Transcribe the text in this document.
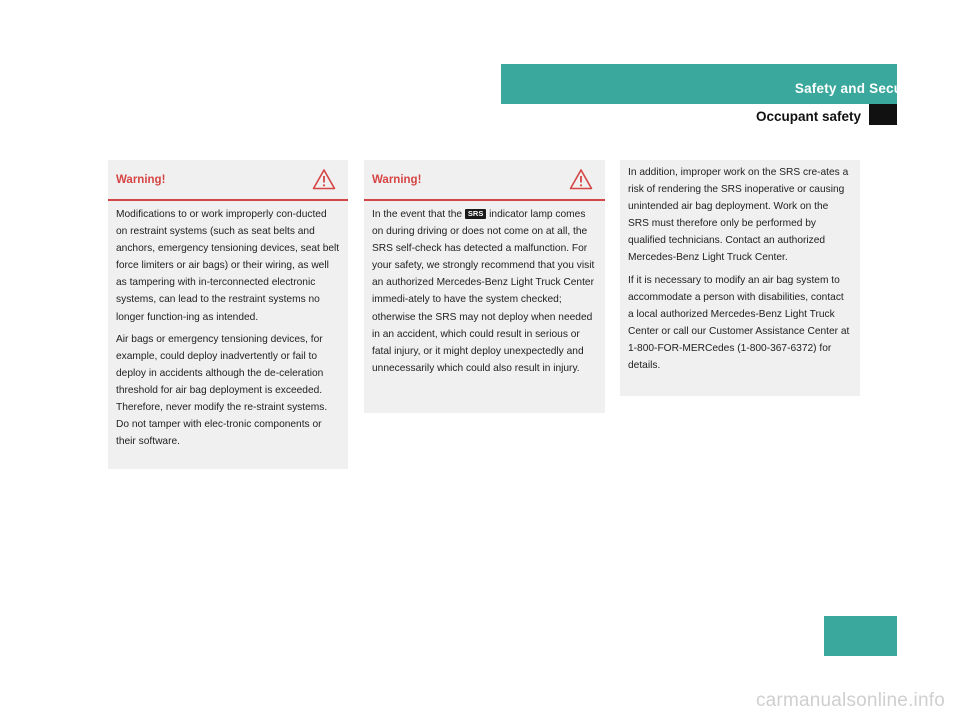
Safety and Security
Occupant safety
Warning!

Modifications to or work improperly con-ducted on restraint systems (such as seat belts and anchors, emergency tensioning devices, seat belt force limiters or air bags) or their wiring, as well as tampering with in-terconnected electronic systems, can lead to the restraint systems no longer function-ing as intended.

Air bags or emergency tensioning devices, for example, could deploy inadvertently or fail to deploy in accidents although the de-celeration threshold for air bag deployment is exceeded. Therefore, never modify the re-straint systems. Do not tamper with elec-tronic components or their software.

Warning!

In the event that the SRS indicator lamp comes on during driving or does not come on at all, the SRS self-check has detected a malfunction. For your safety, we strongly recommend that you visit an authorized Mercedes-Benz Light Truck Center immedi-ately to have the system checked; otherwise the SRS may not deploy when needed in an accident, which could result in serious or fatal injury, or it might deploy unexpectedly and unnecessarily which could also result in injury.

In addition, improper work on the SRS cre-ates a risk of rendering the SRS inoperative or causing unintended air bag deployment. Work on the SRS must therefore only be performed by qualified technicians. Contact an authorized Mercedes-Benz Light Truck Center.

If it is necessary to modify an air bag system to accommodate a person with disabilities, contact a local authorized Mercedes-Benz Light Truck Center or call our Customer Assistance Center at 1-800-FOR-MERCedes (1-800-367-6372) for details.

69
carmanualsonline.info
